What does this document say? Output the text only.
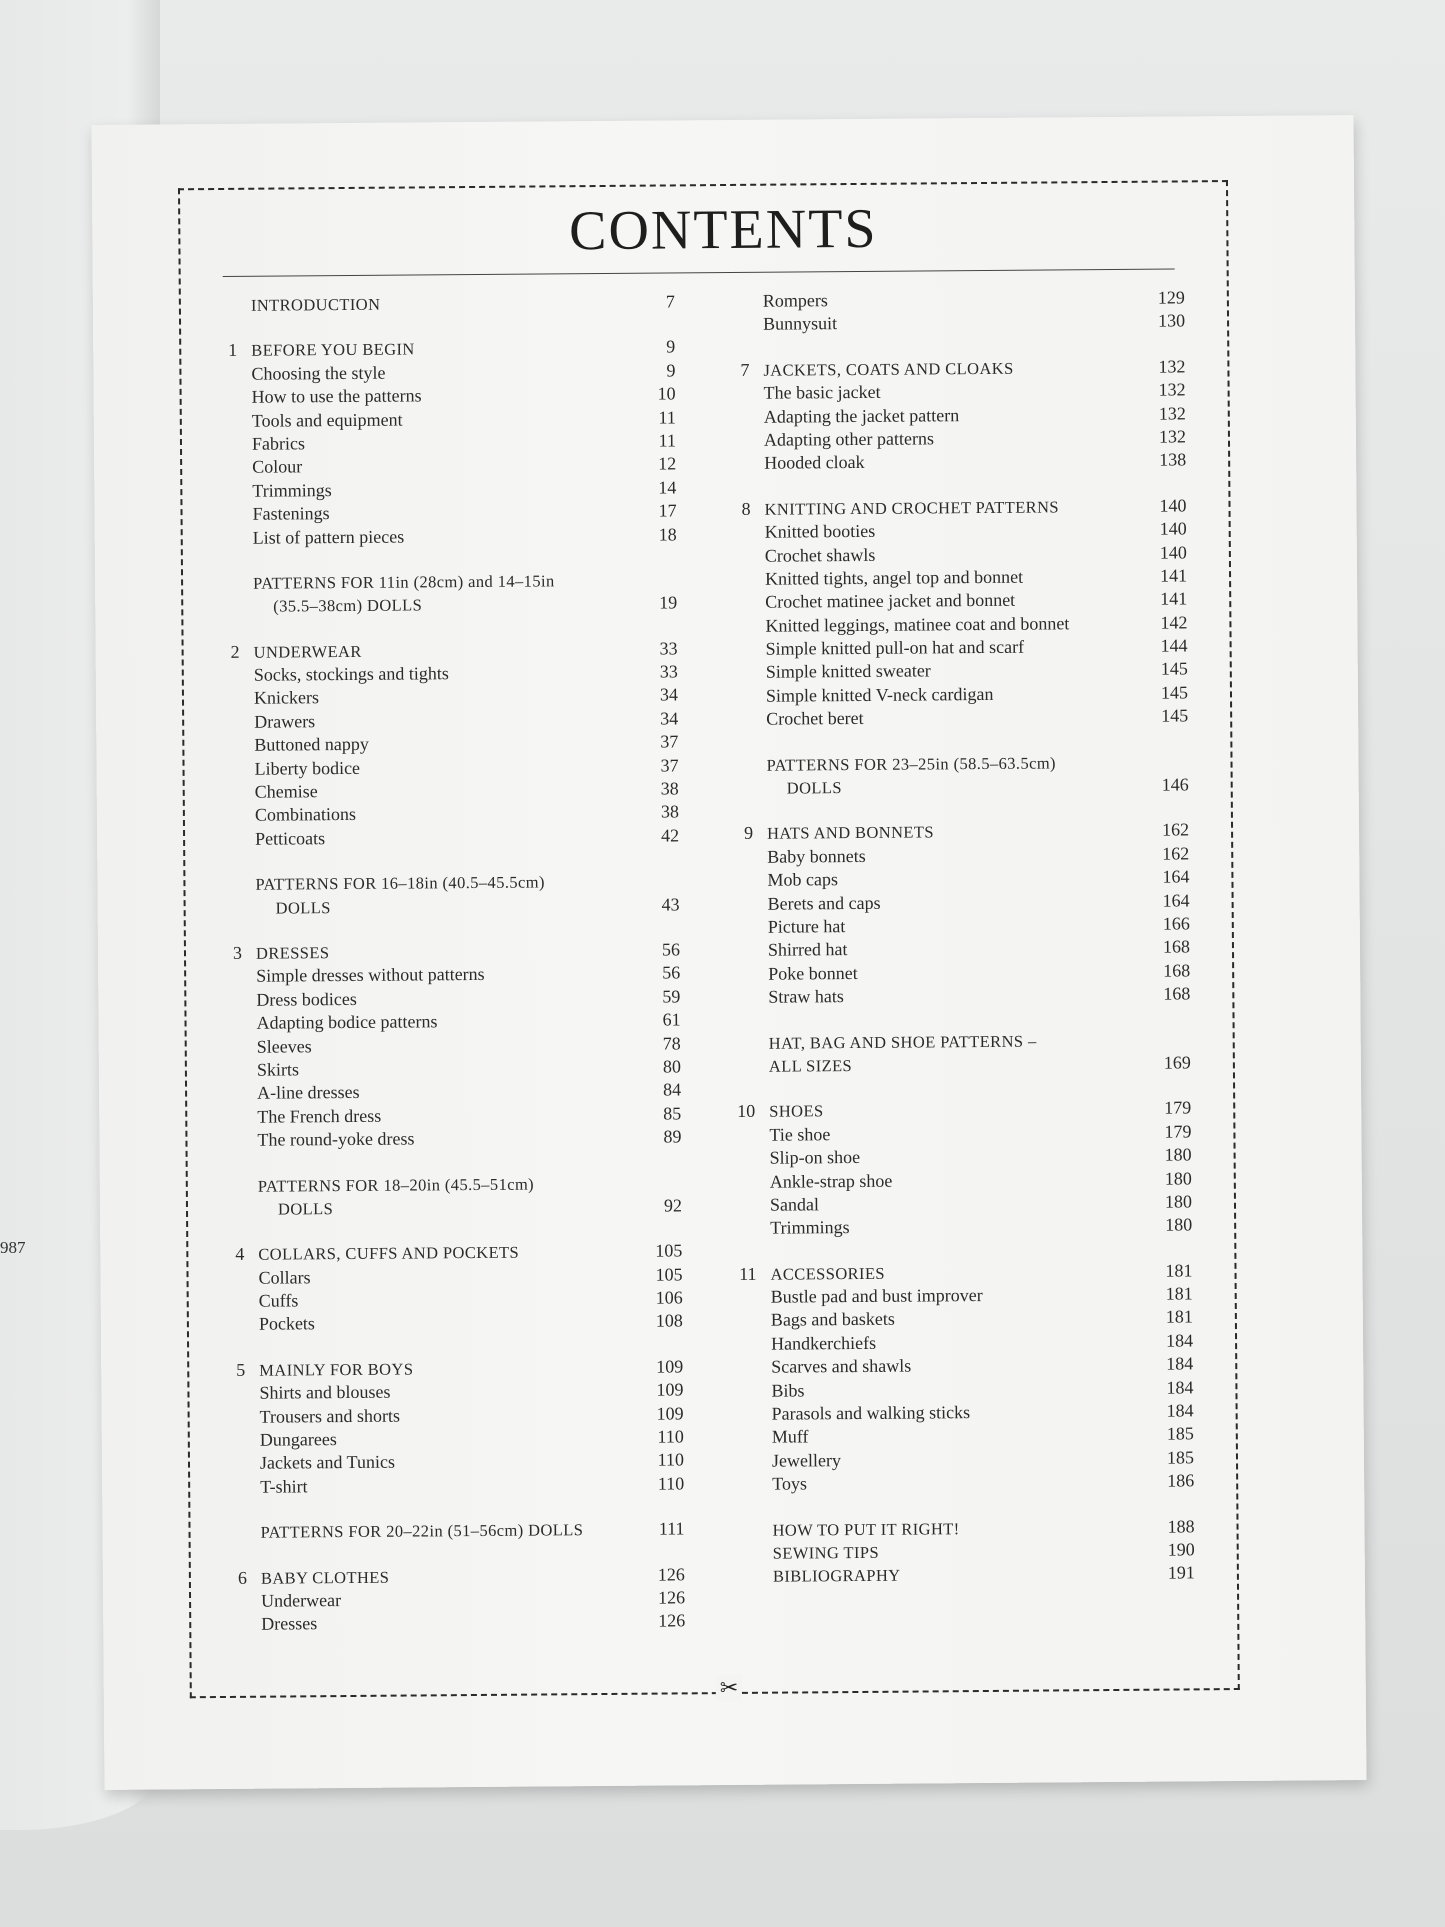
987
✂
CONTENTS
INTRODUCTION	7
1 BEFORE YOU BEGIN	9
Choosing the style	9
How to use the patterns	10
Tools and equipment	11
Fabrics	11
Colour	12
Trimmings	14
Fastenings	17
List of pattern pieces	18
PATTERNS FOR 11in (28cm) and 14–15in
(35.5–38cm) DOLLS	19
2 UNDERWEAR	33
Socks, stockings and tights	33
Knickers	34
Drawers	34
Buttoned nappy	37
Liberty bodice	37
Chemise	38
Combinations	38
Petticoats	42
PATTERNS FOR 16–18in (40.5–45.5cm)
DOLLS	43
3 DRESSES	56
Simple dresses without patterns	56
Dress bodices	59
Adapting bodice patterns	61
Sleeves	78
Skirts	80
A-line dresses	84
The French dress	85
The round-yoke dress	89
PATTERNS FOR 18–20in (45.5–51cm)
DOLLS	92
4 COLLARS, CUFFS AND POCKETS	105
Collars	105
Cuffs	106
Pockets	108
5 MAINLY FOR BOYS	109
Shirts and blouses	109
Trousers and shorts	109
Dungarees	110
Jackets and Tunics	110
T-shirt	110
PATTERNS FOR 20–22in (51–56cm) DOLLS	111
6 BABY CLOTHES	126
Underwear	126
Dresses	126
Rompers	129
Bunnysuit	130
7 JACKETS, COATS AND CLOAKS	132
The basic jacket	132
Adapting the jacket pattern	132
Adapting other patterns	132
Hooded cloak	138
8 KNITTING AND CROCHET PATTERNS	140
Knitted booties	140
Crochet shawls	140
Knitted tights, angel top and bonnet	141
Crochet matinee jacket and bonnet	141
Knitted leggings, matinee coat and bonnet	142
Simple knitted pull-on hat and scarf	144
Simple knitted sweater	145
Simple knitted V-neck cardigan	145
Crochet beret	145
PATTERNS FOR 23–25in (58.5–63.5cm)
DOLLS	146
9 HATS AND BONNETS	162
Baby bonnets	162
Mob caps	164
Berets and caps	164
Picture hat	166
Shirred hat	168
Poke bonnet	168
Straw hats	168
HAT, BAG AND SHOE PATTERNS –
ALL SIZES	169
10 SHOES	179
Tie shoe	179
Slip-on shoe	180
Ankle-strap shoe	180
Sandal	180
Trimmings	180
11 ACCESSORIES	181
Bustle pad and bust improver	181
Bags and baskets	181
Handkerchiefs	184
Scarves and shawls	184
Bibs	184
Parasols and walking sticks	184
Muff	185
Jewellery	185
Toys	186
HOW TO PUT IT RIGHT!	188
SEWING TIPS	190
BIBLIOGRAPHY	191
